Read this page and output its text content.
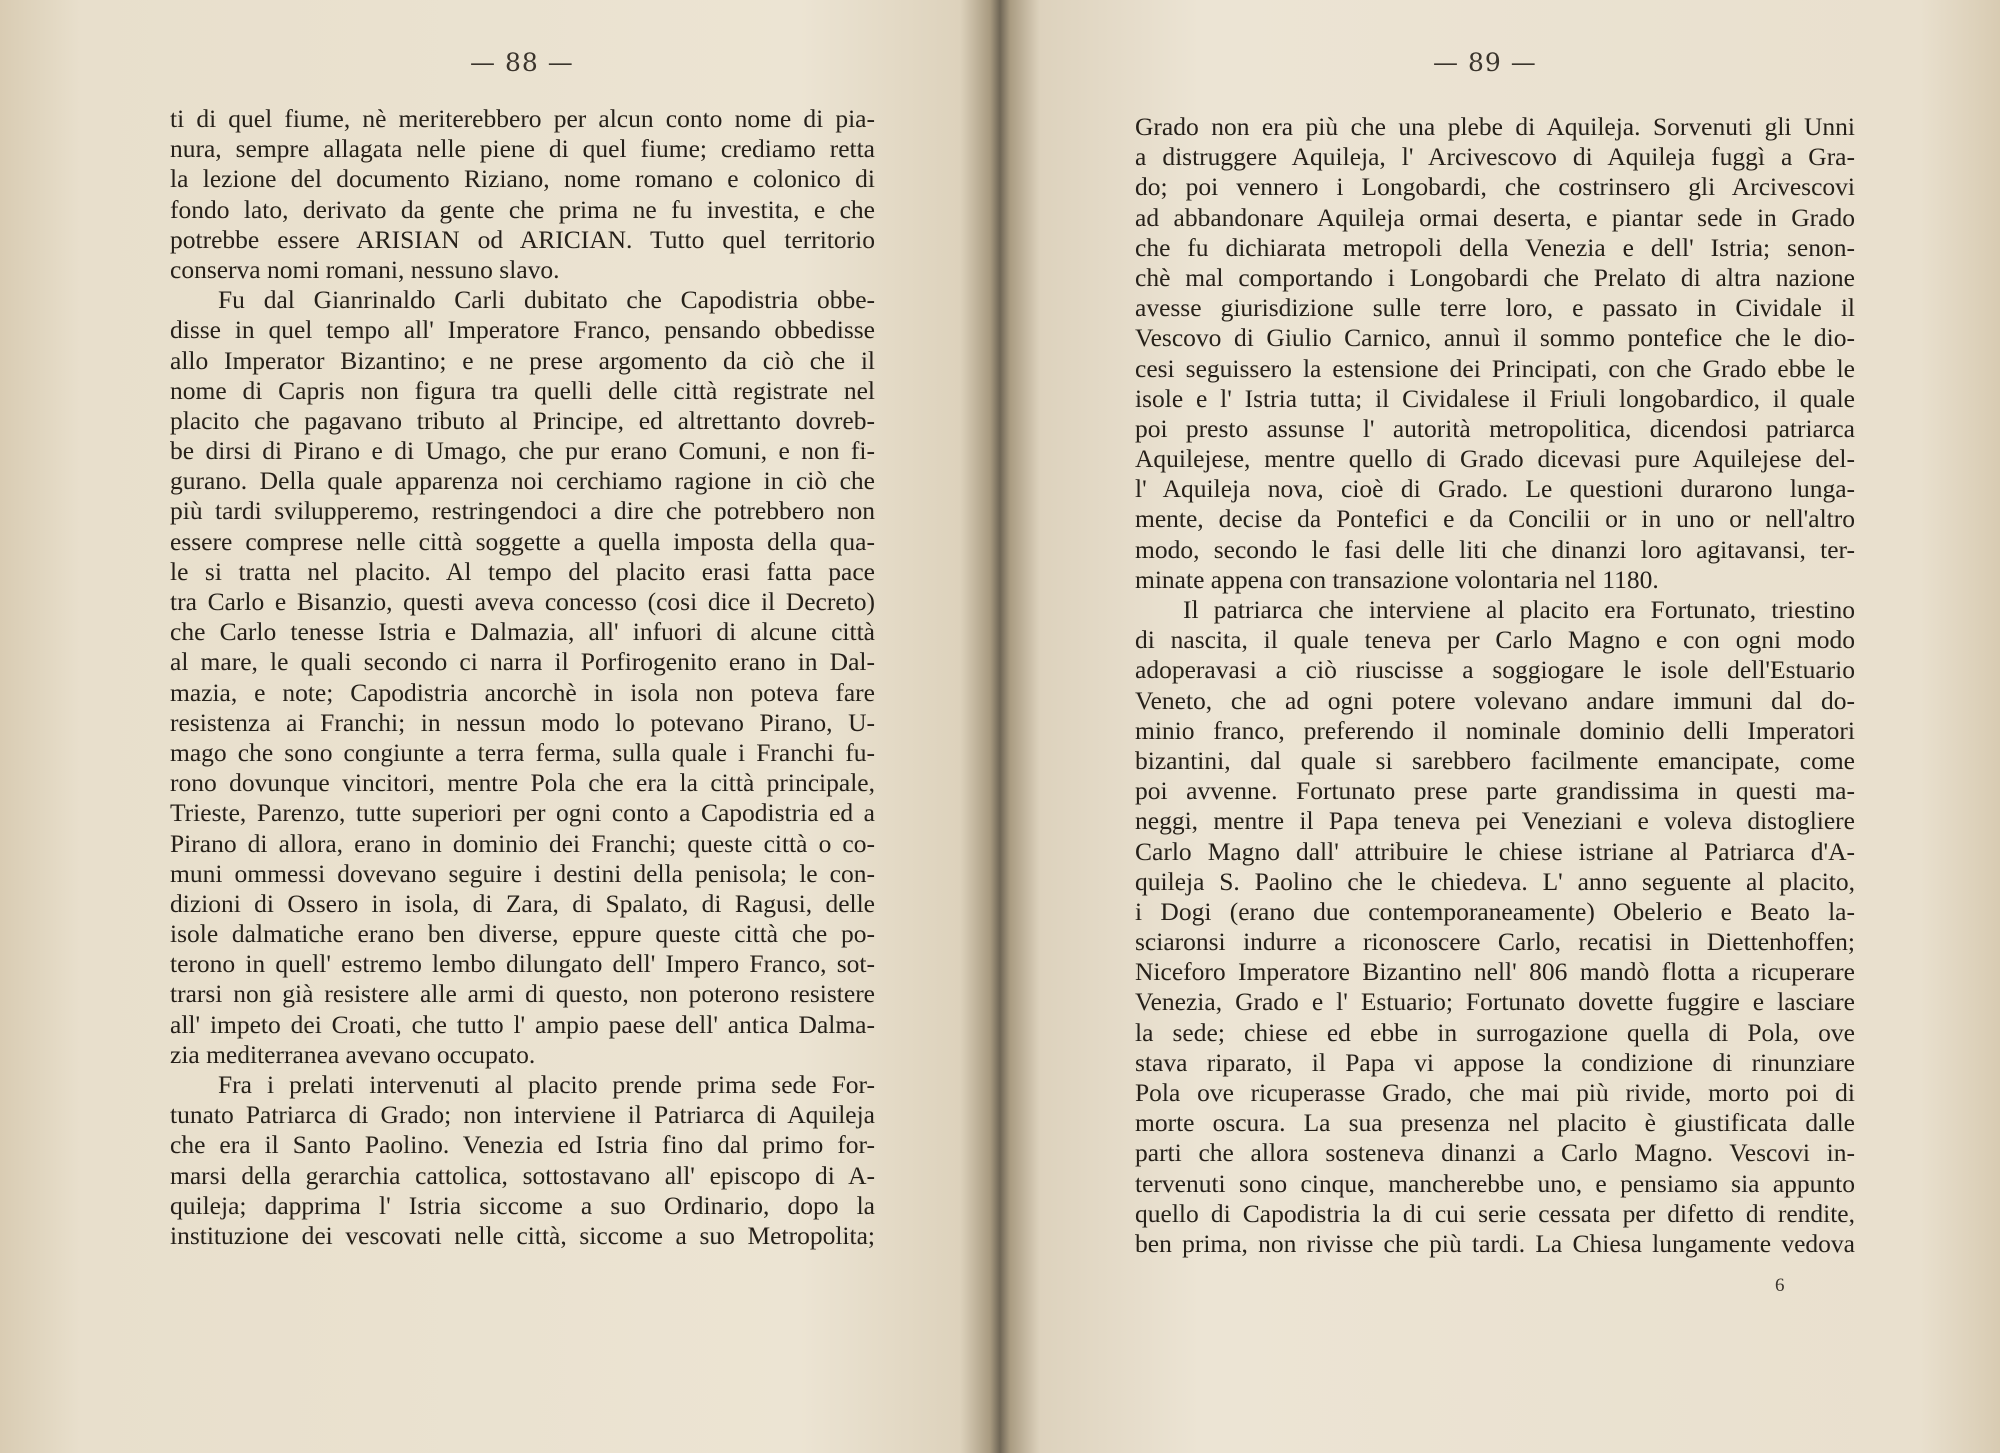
— 88 —
ti di quel fiume, nè meriterebbero per alcun conto nome di pia-
nura, sempre allagata nelle piene di quel fiume; crediamo retta
la lezione del documento Riziano, nome romano e colonico di
fondo lato, derivato da gente che prima ne fu investita, e che
potrebbe essere ARISIAN od ARICIAN. Tutto quel territorio
conserva nomi romani, nessuno slavo.
Fu dal Gianrinaldo Carli dubitato che Capodistria obbe-
disse in quel tempo all' Imperatore Franco, pensando obbedisse
allo Imperator Bizantino; e ne prese argomento da ciò che il
nome di Capris non figura tra quelli delle città registrate nel
placito che pagavano tributo al Principe, ed altrettanto dovreb-
be dirsi di Pirano e di Umago, che pur erano Comuni, e non fi-
gurano. Della quale apparenza noi cerchiamo ragione in ciò che
più tardi svilupperemo, restringendoci a dire che potrebbero non
essere comprese nelle città soggette a quella imposta della qua-
le si tratta nel placito. Al tempo del placito erasi fatta pace
tra Carlo e Bisanzio, questi aveva concesso (cosi dice il Decreto)
che Carlo tenesse Istria e Dalmazia, all' infuori di alcune città
al mare, le quali secondo ci narra il Porfirogenito erano in Dal-
mazia, e note; Capodistria ancorchè in isola non poteva fare
resistenza ai Franchi; in nessun modo lo potevano Pirano, U-
mago che sono congiunte a terra ferma, sulla quale i Franchi fu-
rono dovunque vincitori, mentre Pola che era la città principale,
Trieste, Parenzo, tutte superiori per ogni conto a Capodistria ed a
Pirano di allora, erano in dominio dei Franchi; queste città o co-
muni ommessi dovevano seguire i destini della penisola; le con-
dizioni di Ossero in isola, di Zara, di Spalato, di Ragusi, delle
isole dalmatiche erano ben diverse, eppure queste città che po-
terono in quell' estremo lembo dilungato dell' Impero Franco, sot-
trarsi non già resistere alle armi di questo, non poterono resistere
all' impeto dei Croati, che tutto l' ampio paese dell' antica Dalma-
zia mediterranea avevano occupato.
Fra i prelati intervenuti al placito prende prima sede For-
tunato Patriarca di Grado; non interviene il Patriarca di Aquileja
che era il Santo Paolino. Venezia ed Istria fino dal primo for-
marsi della gerarchia cattolica, sottostavano all' episcopo di A-
quileja; dapprima l' Istria siccome a suo Ordinario, dopo la
instituzione dei vescovati nelle città, siccome a suo Metropolita;
— 89 —
Grado non era più che una plebe di Aquileja. Sorvenuti gli Unni
a distruggere Aquileja, l' Arcivescovo di Aquileja fuggì a Gra-
do; poi vennero i Longobardi, che costrinsero gli Arcivescovi
ad abbandonare Aquileja ormai deserta, e piantar sede in Grado
che fu dichiarata metropoli della Venezia e dell' Istria; senon-
chè mal comportando i Longobardi che Prelato di altra nazione
avesse giurisdizione sulle terre loro, e passato in Cividale il
Vescovo di Giulio Carnico, annuì il sommo pontefice che le dio-
cesi seguissero la estensione dei Principati, con che Grado ebbe le
isole e l' Istria tutta; il Cividalese il Friuli longobardico, il quale
poi presto assunse l' autorità metropolitica, dicendosi patriarca
Aquilejese, mentre quello di Grado dicevasi pure Aquilejese del-
l' Aquileja nova, cioè di Grado. Le questioni durarono lunga-
mente, decise da Pontefici e da Concilii or in uno or nell'altro
modo, secondo le fasi delle liti che dinanzi loro agitavansi, ter-
minate appena con transazione volontaria nel 1180.
Il patriarca che interviene al placito era Fortunato, triestino
di nascita, il quale teneva per Carlo Magno e con ogni modo
adoperavasi a ciò riuscisse a soggiogare le isole dell'Estuario
Veneto, che ad ogni potere volevano andare immuni dal do-
minio franco, preferendo il nominale dominio delli Imperatori
bizantini, dal quale si sarebbero facilmente emancipate, come
poi avvenne. Fortunato prese parte grandissima in questi ma-
neggi, mentre il Papa teneva pei Veneziani e voleva distogliere
Carlo Magno dall' attribuire le chiese istriane al Patriarca d'A-
quileja S. Paolino che le chiedeva. L' anno seguente al placito,
i Dogi (erano due contemporaneamente) Obelerio e Beato la-
sciaronsi indurre a riconoscere Carlo, recatisi in Diettenhoffen;
Niceforo Imperatore Bizantino nell' 806 mandò flotta a ricuperare
Venezia, Grado e l' Estuario; Fortunato dovette fuggire e lasciare
la sede; chiese ed ebbe in surrogazione quella di Pola, ove
stava riparato, il Papa vi appose la condizione di rinunziare
Pola ove ricuperasse Grado, che mai più rivide, morto poi di
morte oscura. La sua presenza nel placito è giustificata dalle
parti che allora sosteneva dinanzi a Carlo Magno. Vescovi in-
tervenuti sono cinque, mancherebbe uno, e pensiamo sia appunto
quello di Capodistria la di cui serie cessata per difetto di rendite,
ben prima, non rivisse che più tardi. La Chiesa lungamente vedova
6
